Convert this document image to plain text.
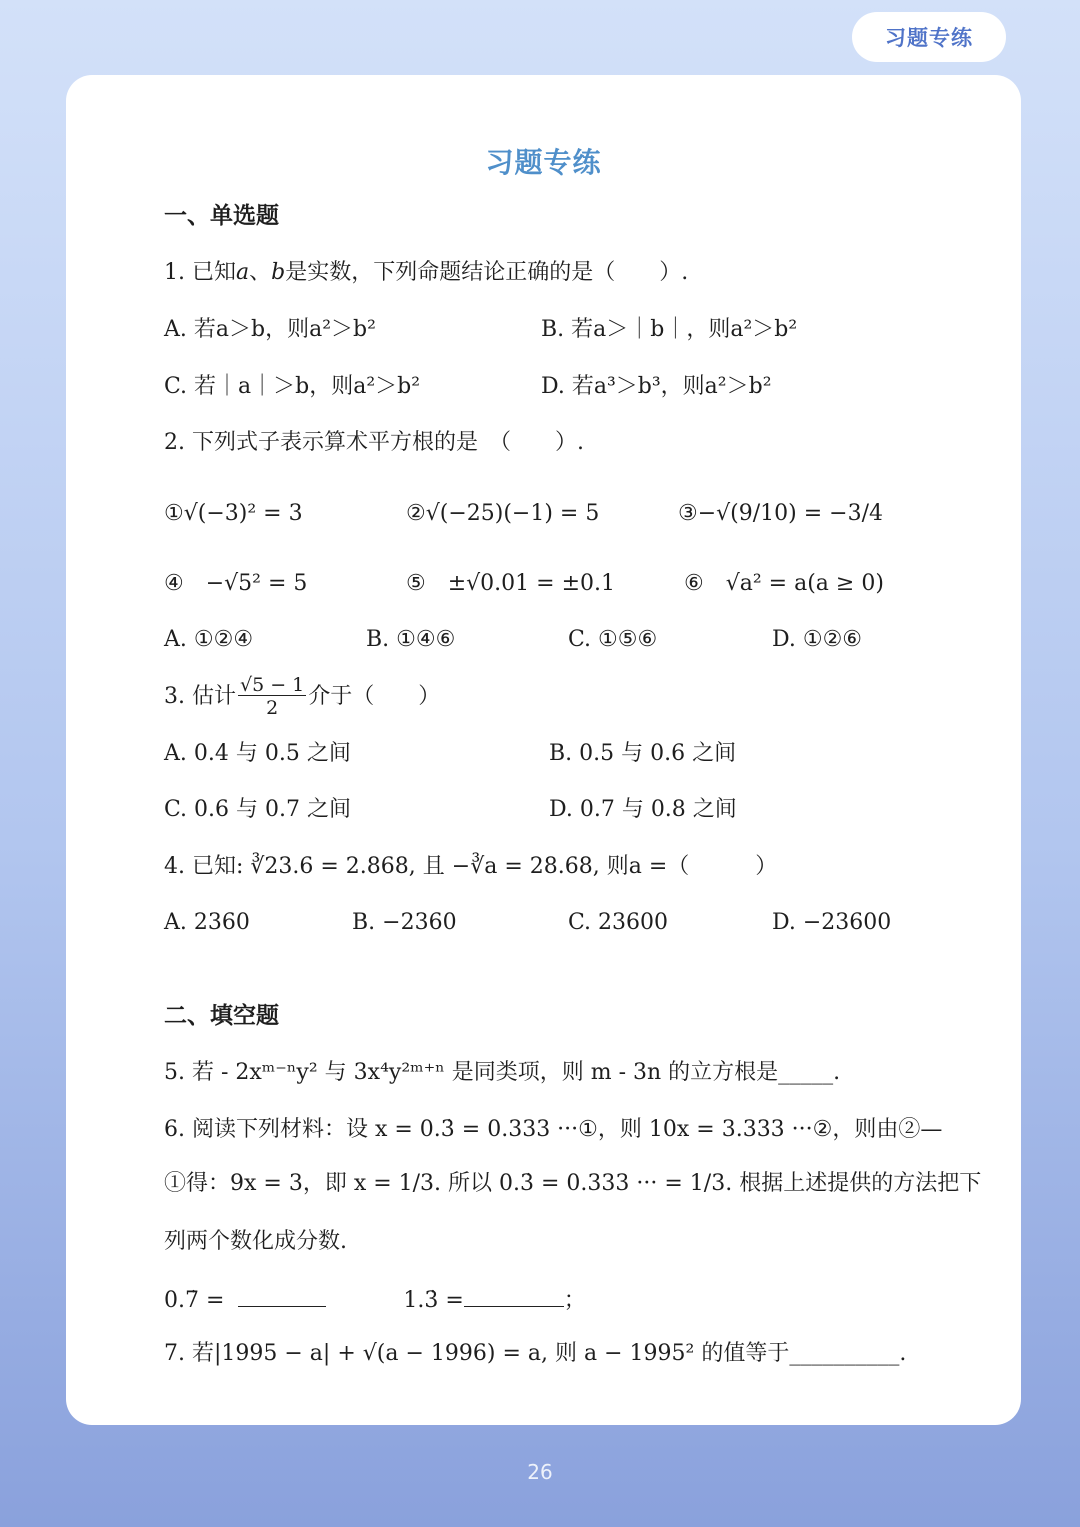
习题专练
习题专练
一、单选题
1. 已知a、b是实数，下列命题结论正确的是（　　）.
A. 若a＞b，则a²＞b²	B. 若a＞｜b｜，则a²＞b²
C. 若｜a｜＞b，则a²＞b²	D. 若a³＞b³，则a²＞b²
2. 下列式子表示算术平方根的是　（　　）.
①√(−3)² = 3	②√(−25)(−1) = 5	③−√(9/10) = −3/4
④　−√5² = 5	⑤　±√0.01 = ±0.1	⑥　√a² = a(a ≥ 0)
A. ①②④	B. ①④⑥	C. ①⑤⑥	D. ①②⑥
3. 估计 $\frac{√5 - 1}{2}$ 介于（　　）
A. 0.4 与 0.5 之间	B. 0.5 与 0.6 之间
C. 0.6 与 0.7 之间	D. 0.7 与 0.8 之间
4. 已知: ∛23.6 = 2.868, 且 −∛a = 28.68, 则a =（　　　）
A. 2360	B. −2360	C. 23600	D. −23600
二、填空题
5. 若 - 2xᵐ⁻ⁿy² 与 3x⁴y²ᵐ⁺ⁿ 是同类项，则 m - 3n 的立方根是_____.
6. 阅读下列材料：设 x = 0.3̇ = 0.333 ···①，则 10x = 3.333 ···②，则由②—
①得：9x = 3，即 x = 1/3. 所以 0.3̇ = 0.333 ··· = 1/3. 根据上述提供的方法把下
列两个数化成分数.
0.7̇ =	1.3̇ =	；
7. 若|1995 − a| + √(a − 1996) = a, 则 a − 1995² 的值等于__________.
26
